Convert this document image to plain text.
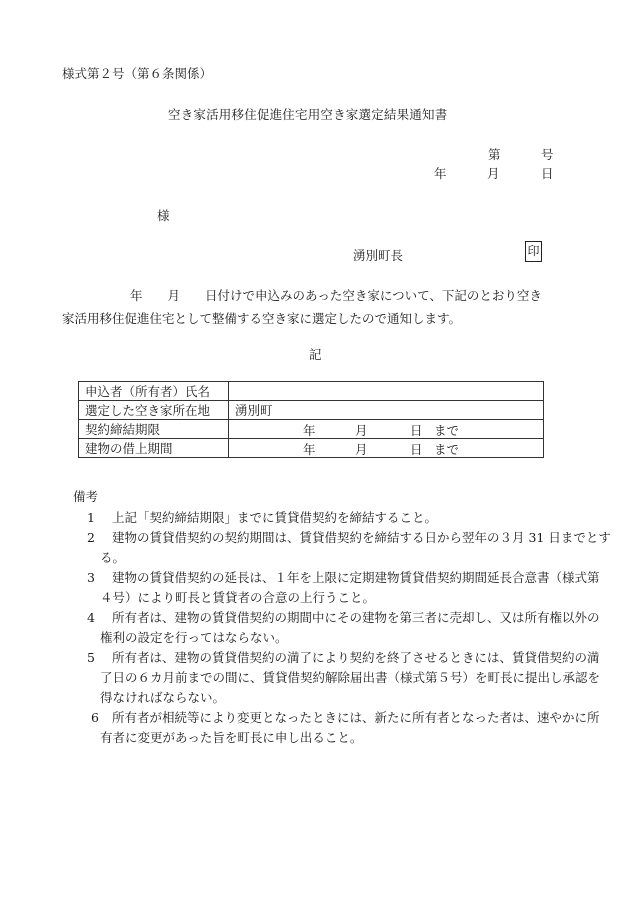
様式第２号（第６条関係）
空き家活用移住促進住宅用空き家選定結果通知書
第	号
年	月	日
様
湧別町長	印
年　　月　　日付けで申込みのあった空き家について、下記のとおり空き
家活用移住促進住宅として整備する空き家に選定したので通知します。
記
申込者（所有者）氏名	
選定した空き家所在地	湧別町
契約締結期限	年 月 日 まで

建物の借上期間	年 月 日 まで
備考
1	上記「契約締結期限」までに賃貸借契約を締結すること。
2	建物の賃貸借契約の契約期間は、賃貸借契約を締結する日から翌年の３月 31 日までとす
る。
3	建物の賃貸借契約の延長は、１年を上限に定期建物賃貸借契約期間延長合意書（様式第
４号）により町長と賃貸者の合意の上行うこと。
4	所有者は、建物の賃貸借契約の期間中にその建物を第三者に売却し、又は所有権以外の
権利の設定を行ってはならない。
5	所有者は、建物の賃貸借契約の満了により契約を終了させるときには、賃貸借契約の満
了日の６カ月前までの間に、賃貸借契約解除届出書（様式第５号）を町長に提出し承認を
得なければならない。
6	所有者が相続等により変更となったときには、新たに所有者となった者は、速やかに所
有者に変更があった旨を町長に申し出ること。
